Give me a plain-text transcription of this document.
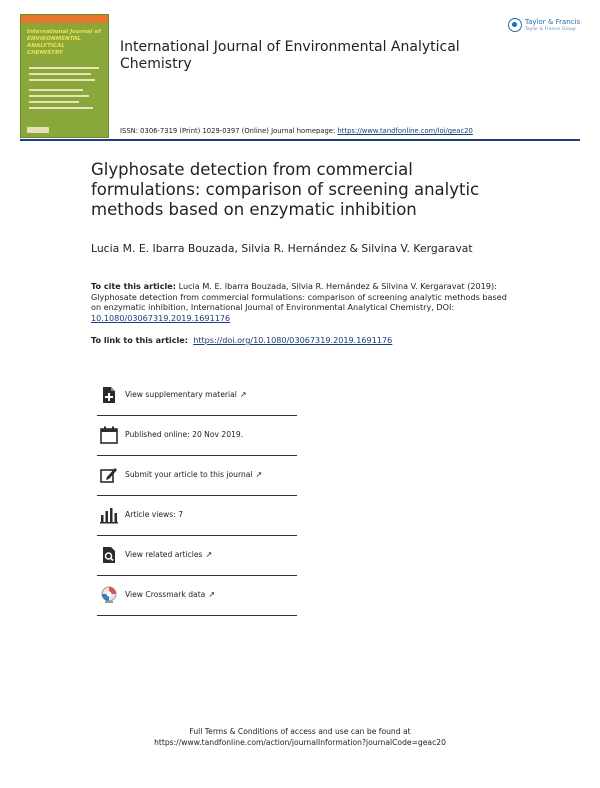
International Journal of
ENVIRONMENTAL
ANALYTICAL
CHEMISTRY
Taylor & Francis
Taylor & Francis Group
International Journal of Environmental Analytical Chemistry
ISSN: 0306-7319 (Print) 1029-0397 (Online) Journal homepage: https://www.tandfonline.com/loi/geac20
Glyphosate detection from commercial formulations: comparison of screening analytic methods based on enzymatic inhibition
Lucia M. E. Ibarra Bouzada, Silvia R. Hernández & Silvina V. Kergaravat
To cite this article: Lucia M. E. Ibarra Bouzada, Silvia R. Hernández & Silvina V. Kergaravat (2019): Glyphosate detection from commercial formulations: comparison of screening analytic methods based on enzymatic inhibition, International Journal of Environmental Analytical Chemistry, DOI: 10.1080/03067319.2019.1691176
To link to this article: https://doi.org/10.1080/03067319.2019.1691176
View supplementary material ↗
Published online: 20 Nov 2019.
Submit your article to this journal ↗
Article views: 7
View related articles ↗
View Crossmark data ↗
Full Terms & Conditions of access and use can be found at
https://www.tandfonline.com/action/journalInformation?journalCode=geac20
